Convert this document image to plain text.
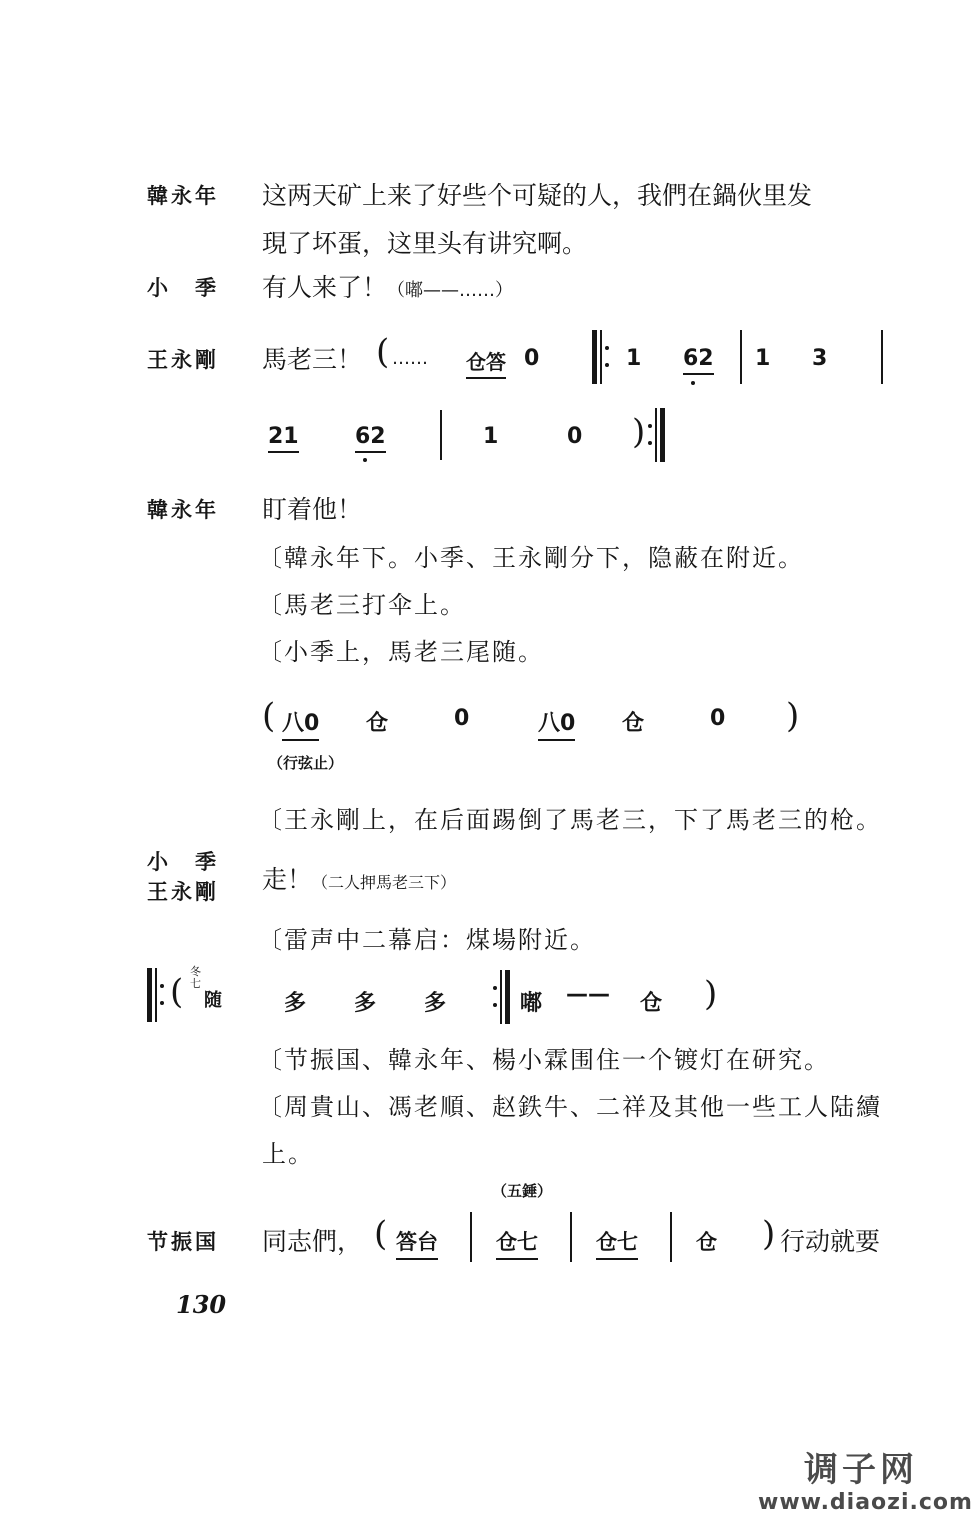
韓永年 这两天矿上来了好些个可疑的人，我們在鍋伙里发
現了坏蛋，这里头有讲究啊。
小　季 有人来了！（嘟——……）
王永剛 馬老三！ ( …… 仓答 0	1 62 1 3
21	62	1	0 )
韓永年 盯着他！
〔韓永年下。小季、王永剛分下，隐蔽在附近。
〔馬老三打伞上。
〔小季上，馬老三尾随。
( 八0 仓	0	八0 仓	0 )
（行弦止）
〔王永剛上，在后面踢倒了馬老三，下了馬老三的枪。
小　季
王永剛 走！（二人押馬老三下）
〔雷声中二幕启：煤場附近。
(
冬七
随	多 多 多	嘟 —— 仓 )
〔节振国、韓永年、楊小霖围住一个镀灯在研究。
〔周貴山、馮老順、赵鉄牛、二祥及其他一些工人陆續
上。
（五錘）
节振国 同志們， ( 答台	仓七	仓七	仓 ) 行动就要
130
调子网
www.diaozi.com
